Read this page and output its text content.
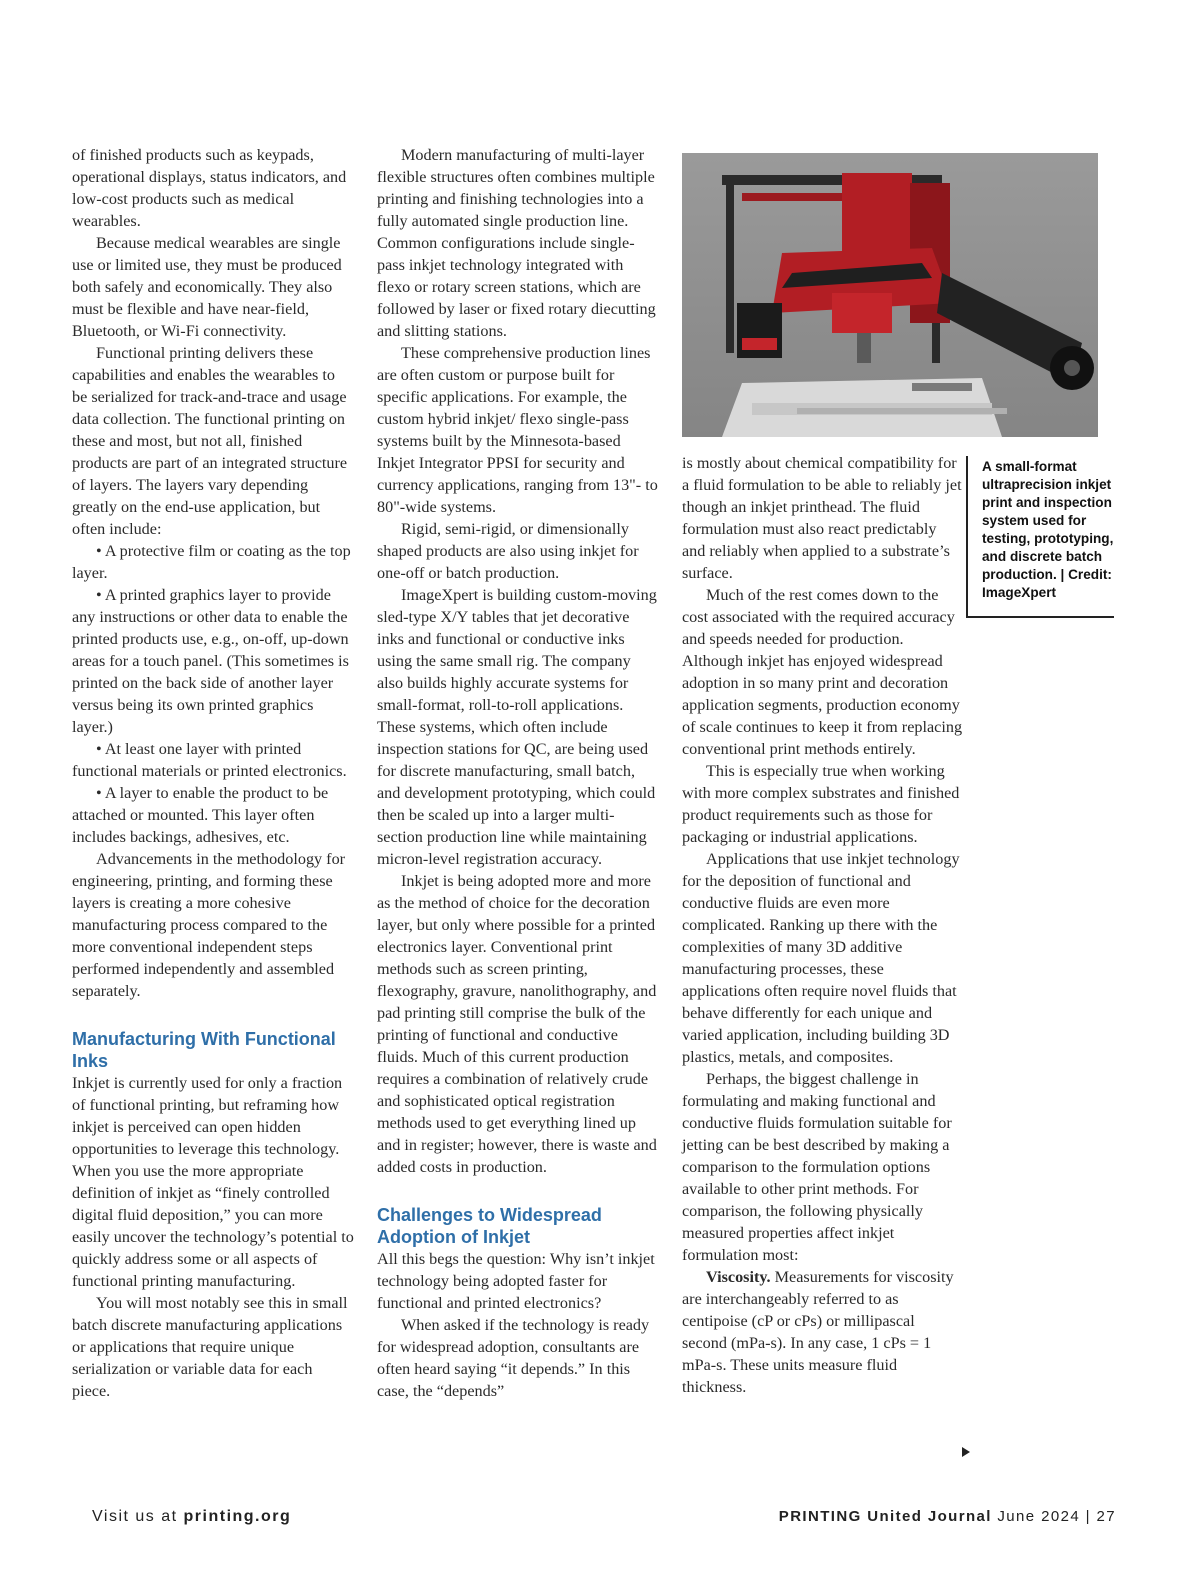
of finished products such as keypads, operational displays, status indicators, and low-cost products such as medical wearables.

Because medical wearables are single use or limited use, they must be produced both safely and economically. They also must be flexible and have near-field, Bluetooth, or Wi-Fi connectivity.

Functional printing delivers these capabilities and enables the wearables to be serialized for track-and-trace and usage data collection. The functional printing on these and most, but not all, finished products are part of an integrated structure of layers. The layers vary depending greatly on the end-use application, but often include:

• A protective film or coating as the top layer.

• A printed graphics layer to provide any instructions or other data to enable the printed products use, e.g., on-off, up-down areas for a touch panel. (This sometimes is printed on the back side of another layer versus being its own printed graphics layer.)

• At least one layer with printed functional materials or printed electronics.

• A layer to enable the product to be attached or mounted. This layer often includes backings, adhesives, etc.

Advancements in the methodology for engineering, printing, and forming these layers is creating a more cohesive manufacturing process compared to the more conventional independent steps performed independently and assembled separately.

Manufacturing With Functional Inks

Inkjet is currently used for only a fraction of functional printing, but reframing how inkjet is perceived can open hidden opportunities to leverage this technology. When you use the more appropriate definition of inkjet as “finely controlled digital fluid deposition,” you can more easily uncover the technology’s potential to quickly address some or all aspects of functional printing manufacturing.

You will most notably see this in small batch discrete manufacturing applications or applications that require unique serialization or variable data for each piece.

Modern manufacturing of multi-layer flexible structures often combines multiple printing and finishing technologies into a fully automated single production line. Common configurations include single-pass inkjet technology integrated with flexo or rotary screen stations, which are followed by laser or fixed rotary diecutting and slitting stations.

These comprehensive production lines are often custom or purpose built for specific applications. For example, the custom hybrid inkjet/ flexo single-pass systems built by the Minnesota-based Inkjet Integrator PPSI for security and currency applications, ranging from 13"- to 80"-wide systems.

Rigid, semi-rigid, or dimensionally shaped products are also using inkjet for one-off or batch production.

ImageXpert is building custom-moving sled-type X/Y tables that jet decorative inks and functional or conductive inks using the same small rig. The company also builds highly accurate systems for small-format, roll-to-roll applications. These systems, which often include inspection stations for QC, are being used for discrete manufacturing, small batch, and development prototyping, which could then be scaled up into a larger multi-section production line while maintaining micron-level registration accuracy.

Inkjet is being adopted more and more as the method of choice for the decoration layer, but only where possible for a printed electronics layer. Conventional print methods such as screen printing, flexography, gravure, nanolithography, and pad printing still comprise the bulk of the printing of functional and conductive fluids. Much of this current production requires a combination of relatively crude and sophisticated optical registration methods used to get everything lined up and in register; however, there is waste and added costs in production.

Challenges to Widespread Adoption of Inkjet

All this begs the question: Why isn’t inkjet technology being adopted faster for functional and printed electronics?

When asked if the technology is ready for widespread adoption, consultants are often heard saying “it depends.” In this case, the “depends”

is mostly about chemical compatibility for a fluid formulation to be able to reliably jet though an inkjet printhead. The fluid formulation must also react predictably and reliably when applied to a substrate’s surface.

Much of the rest comes down to the cost associated with the required accuracy and speeds needed for production. Although inkjet has enjoyed widespread adoption in so many print and decoration application segments, production economy of scale continues to keep it from replacing conventional print methods entirely.

This is especially true when working with more complex substrates and finished product requirements such as those for packaging or industrial applications.

Applications that use inkjet technology for the deposition of functional and conductive fluids are even more complicated. Ranking up there with the complexities of many 3D additive manufacturing processes, these applications often require novel fluids that behave differently for each unique and varied application, including building 3D plastics, metals, and composites.

Perhaps, the biggest challenge in formulating and making functional and conductive fluids formulation suitable for jetting can be best described by making a comparison to the formulation options available to other print methods. For comparison, the following physically measured properties affect inkjet formulation most:

Viscosity. Measurements for viscosity are interchangeably referred to as centipoise (cP or cPs) or millipascal second (mPa-s). In any case, 1 cPs = 1 mPa-s. These units measure fluid thickness.

A small-format ultraprecision inkjet print and inspection system used for testing, prototyping, and discrete batch production. | Credit: ImageXpert
Visit us at printing.org	PRINTING United Journal June 2024 | 27
